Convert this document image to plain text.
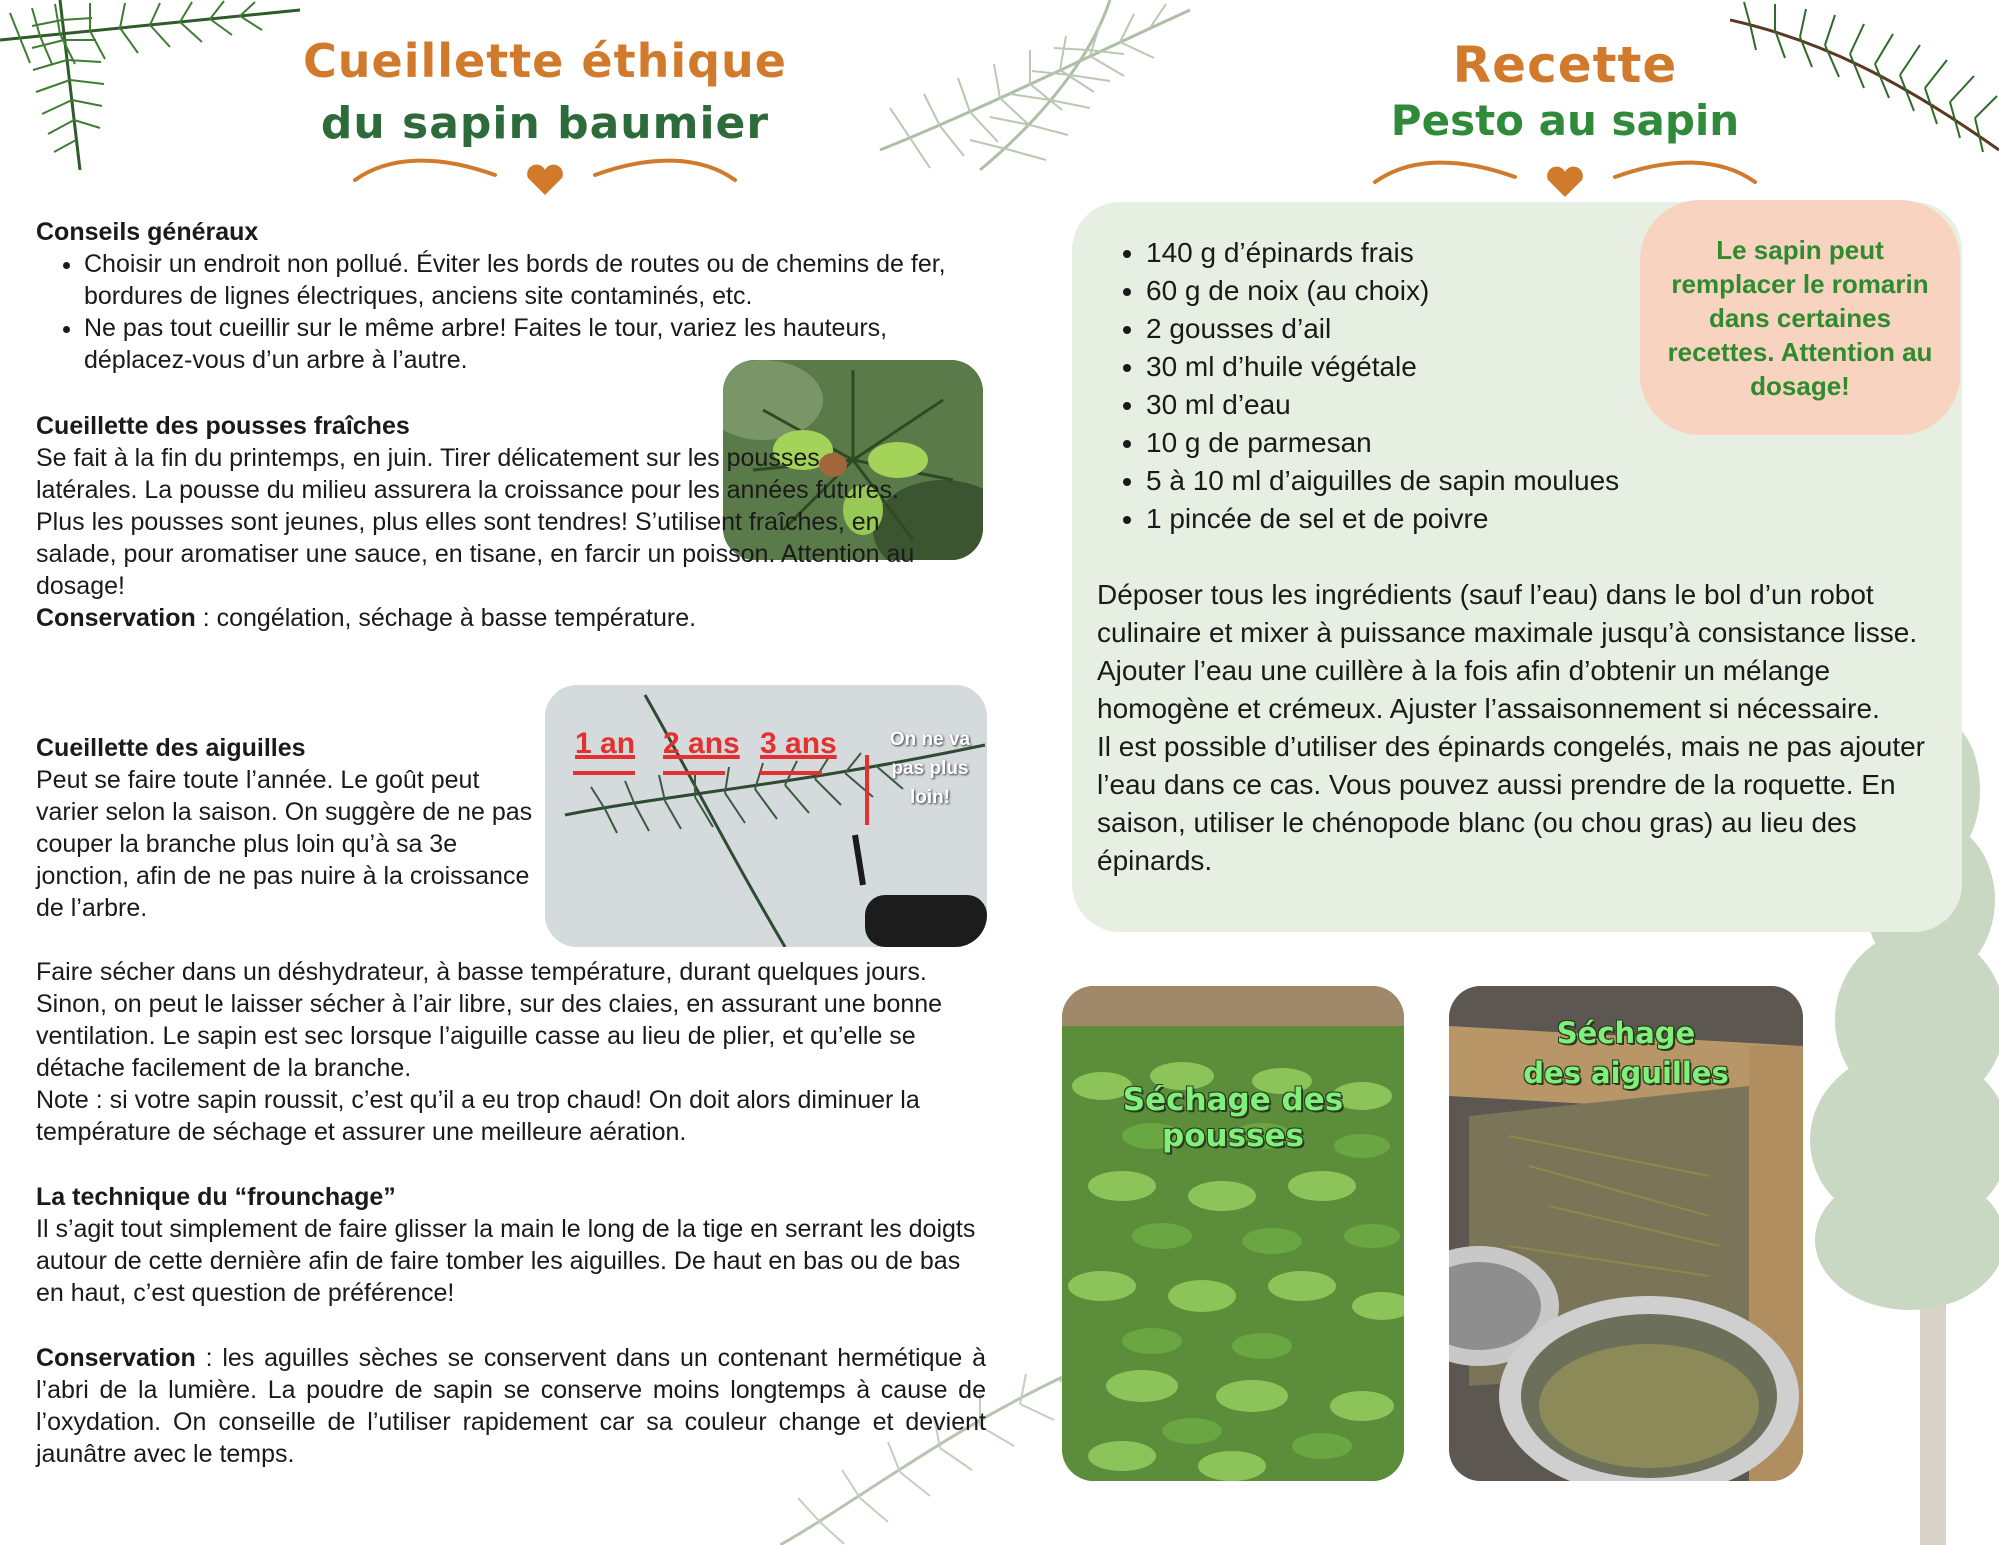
Cueillette éthique
du sapin baumier
Recette
Pesto au sapin
Conseils généraux
• Choisir un endroit non pollué. Éviter les bords de routes ou de chemins de fer, bordures de lignes électriques, anciens site contaminés, etc.
• Ne pas tout cueillir sur le même arbre! Faites le tour, variez les hauteurs, déplacez-vous d’un arbre à l’autre.
Cueillette des pousses fraîches
Se fait à la fin du printemps, en juin. Tirer délicatement sur les pousses latérales. La pousse du milieu assurera la croissance pour les années futures. Plus les pousses sont jeunes, plus elles sont tendres! S’utilisent fraîches, en salade, pour aromatiser une sauce, en tisane, en farcir un poisson. Attention au dosage!
Conservation : congélation, séchage à basse température.
1 an 2 ans 3 ans	On ne va pas plus loin!
Cueillette des aiguilles
Peut se faire toute l’année. Le goût peut varier selon la saison. On suggère de ne pas couper la branche plus loin qu’à sa 3e jonction, afin de ne pas nuire à la croissance de l’arbre.
Faire sécher dans un déshydrateur, à basse température, durant quelques jours. Sinon, on peut le laisser sécher à l’air libre, sur des claies, en assurant une bonne ventilation. Le sapin est sec lorsque l’aiguille casse au lieu de plier, et qu’elle se détache facilement de la branche.
Note : si votre sapin roussit, c’est qu’il a eu trop chaud! On doit alors diminuer la température de séchage et assurer une meilleure aération.
La technique du “frounchage”
Il s’agit tout simplement de faire glisser la main le long de la tige en serrant les doigts autour de cette dernière afin de faire tomber les aiguilles. De haut en bas ou de bas en haut, c’est question de préférence!
Conservation : les aguilles sèches se conservent dans un contenant hermétique à l’abri de la lumière. La poudre de sapin se conserve moins longtemps à cause de l’oxydation. On conseille de l’utiliser rapidement car sa couleur change et devient jaunâtre avec le temps.
• 140 g d’épinards frais
• 60 g de noix (au choix)
• 2 gousses d’ail
• 30 ml d’huile végétale
• 30 ml d’eau
• 10 g de parmesan
• 5 à 10 ml d’aiguilles de sapin moulues
• 1 pincée de sel et de poivre
Le sapin peut remplacer le romarin dans certaines recettes. Attention au dosage!
Déposer tous les ingrédients (sauf l’eau) dans le bol d’un robot culinaire et mixer à puissance maximale jusqu’à consistance lisse. Ajouter l’eau une cuillère à la fois afin d’obtenir un mélange homogène et crémeux. Ajuster l’assaisonnement si nécessaire.
Il est possible d’utiliser des épinards congelés, mais ne pas ajouter l’eau dans ce cas. Vous pouvez aussi prendre de la roquette. En saison, utiliser le chénopode blanc (ou chou gras) au lieu des épinards.
Séchage des pousses
Séchage
des aiguilles
